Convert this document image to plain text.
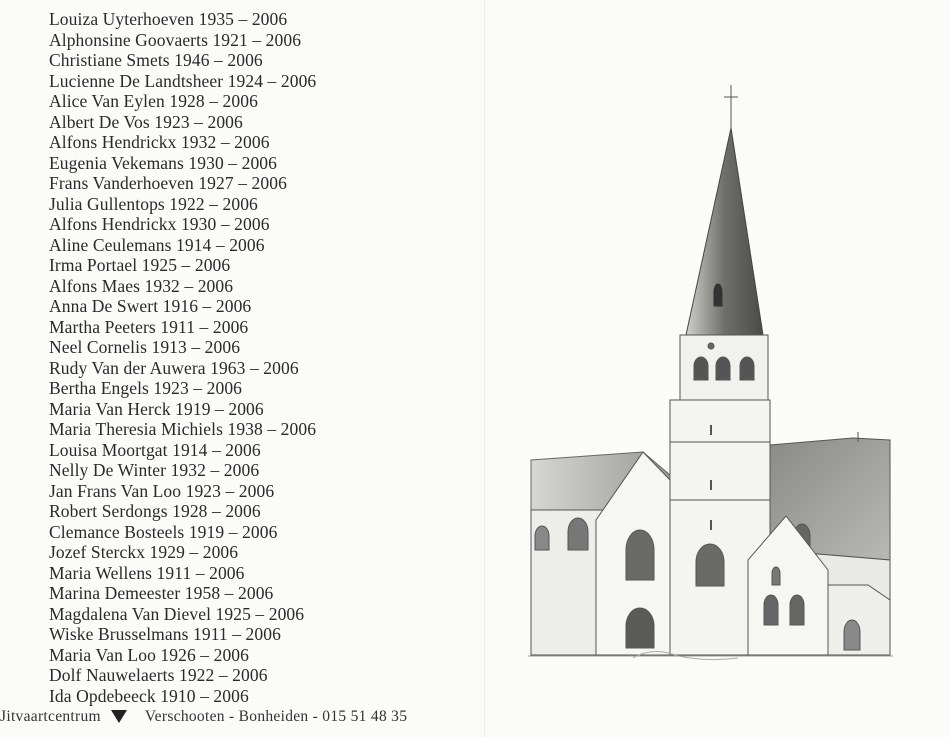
Louiza Uyterhoeven 1935 – 2006
Alphonsine Goovaerts 1921 – 2006
Christiane Smets 1946 – 2006
Lucienne De Landtsheer 1924 – 2006
Alice Van Eylen 1928 – 2006
Albert De Vos 1923 – 2006
Alfons Hendrickx 1932 – 2006
Eugenia Vekemans 1930 – 2006
Frans Vanderhoeven 1927 – 2006
Julia Gullentops 1922 – 2006
Alfons Hendrickx 1930 – 2006
Aline Ceulemans 1914 – 2006
Irma Portael 1925 – 2006
Alfons Maes 1932 – 2006
Anna De Swert 1916 – 2006
Martha Peeters 1911 – 2006
Neel Cornelis 1913 – 2006
Rudy Van der Auwera 1963 – 2006
Bertha Engels 1923 – 2006
Maria Van Herck 1919 – 2006
Maria Theresia Michiels 1938 – 2006
Louisa Moortgat 1914 – 2006
Nelly De Winter 1932 – 2006
Jan Frans Van Loo 1923 – 2006
Robert Serdongs 1928 – 2006
Clemance Bosteels 1919 – 2006
Jozef Sterckx 1929 – 2006
Maria Wellens 1911 – 2006
Marina Demeester 1958 – 2006
Magdalena Van Dievel 1925 – 2006
Wiske Brusselmans 1911 – 2006
Maria Van Loo 1926 – 2006
Dolf Nauwelaerts 1922 – 2006
Ida Opdebeeck 1910 – 2006
Jitvaartcentrum	Verschooten - Bonheiden - 015 51 48 35
